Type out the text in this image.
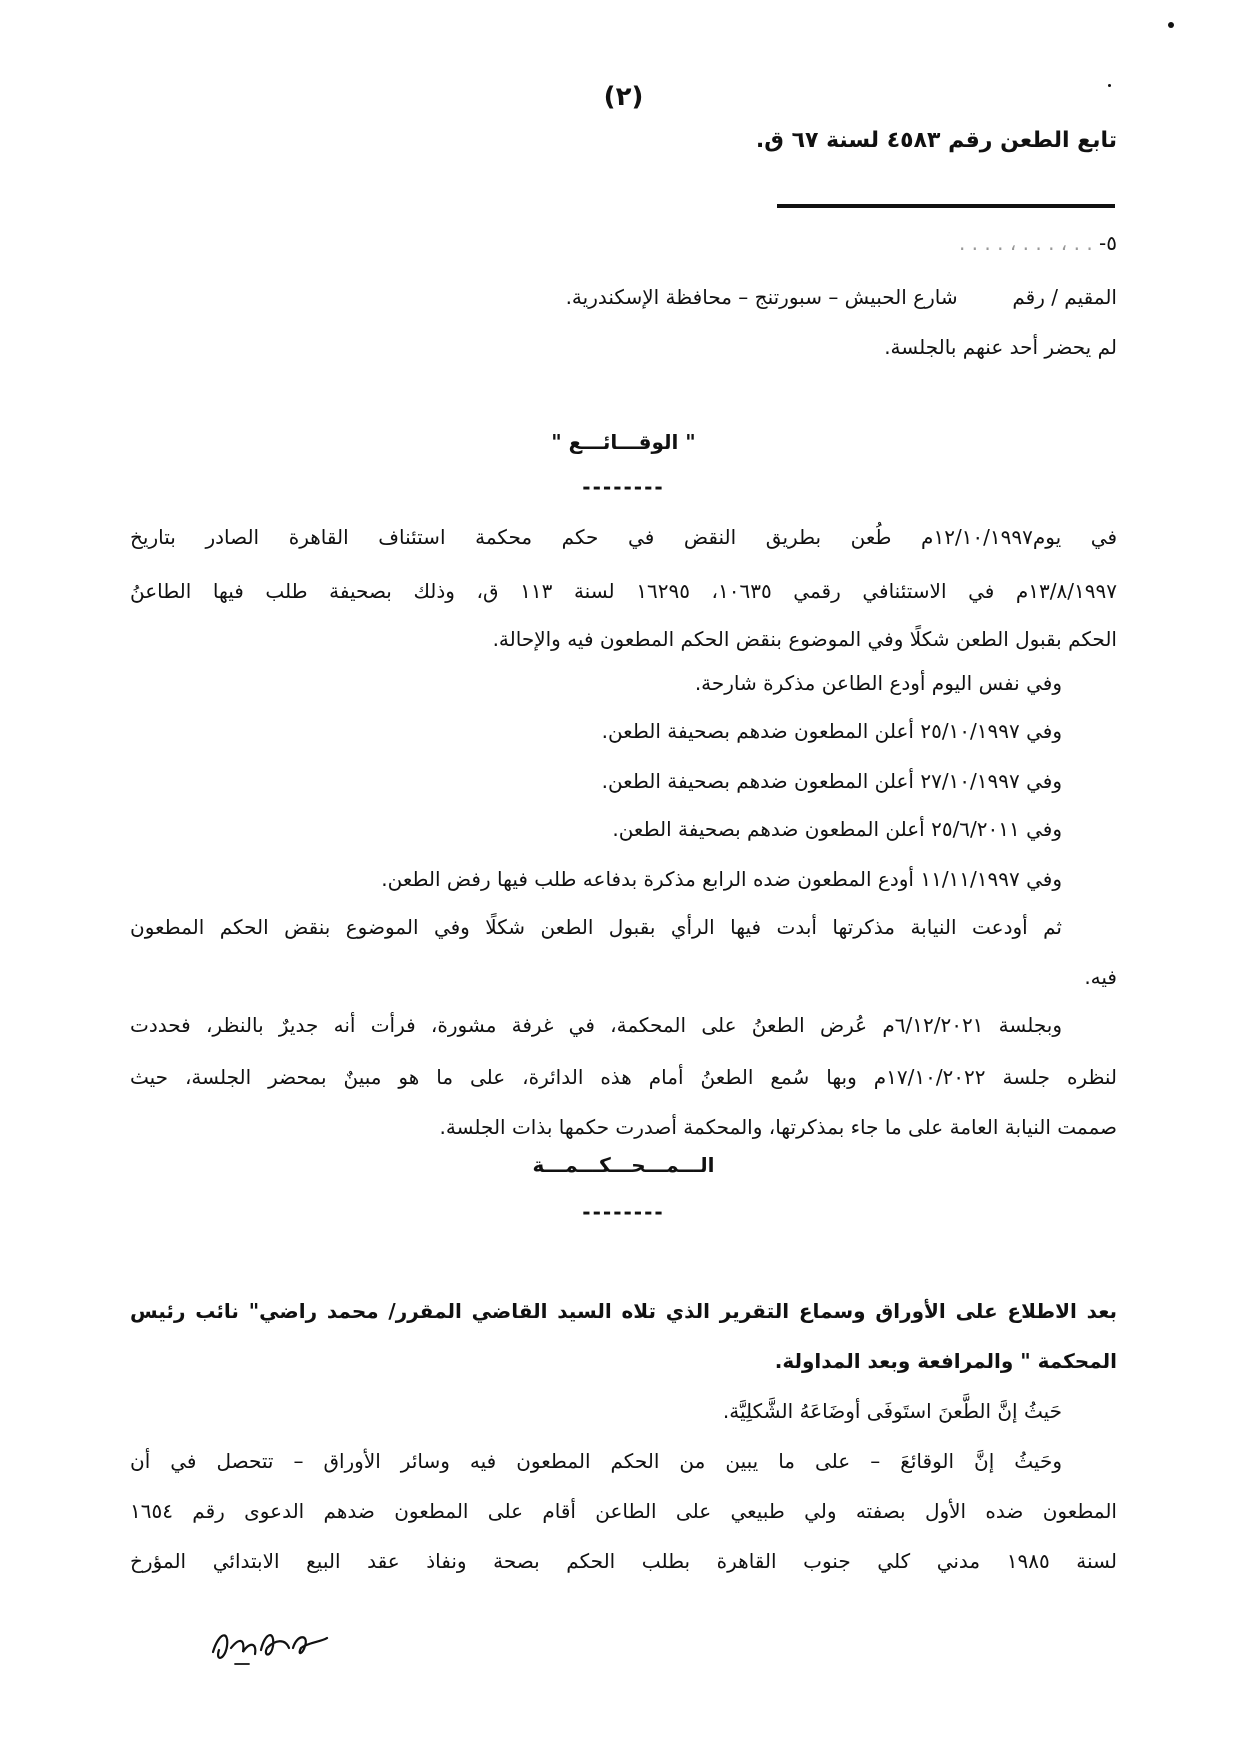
(٢)
تابع الطعن رقم ٤٥٨٣ لسنة ٦٧ ق.
٥- . . ، . . . ، . . . .
المقيم / رقم  شارع الحبيش – سبورتنج – محافظة الإسكندرية.
لم يحضر أحد عنهم بالجلسة.
" الوقـــائـــع "
--------
في يوم١٢/١٠/١٩٩٧م طُعن بطريق النقض في حكم محكمة استئناف القاهرة الصادر بتاريخ
١٣/٨/١٩٩٧م في الاستئنافي رقمي ١٠٦٣٥، ١٦٢٩٥ لسنة ١١٣ ق، وذلك بصحيفة طلب فيها الطاعنُ
الحكم بقبول الطعن شكلًا وفي الموضوع بنقض الحكم المطعون فيه والإحالة.
وفي نفس اليوم أودع الطاعن مذكرة شارحة.
وفي ٢٥/١٠/١٩٩٧ أعلن المطعون ضدهم بصحيفة الطعن.
وفي ٢٧/١٠/١٩٩٧ أعلن المطعون ضدهم بصحيفة الطعن.
وفي ٢٥/٦/٢٠١١ أعلن المطعون ضدهم بصحيفة الطعن.
وفي ١١/١١/١٩٩٧ أودع المطعون ضده الرابع مذكرة بدفاعه طلب فيها رفض الطعن.
ثم أودعت النيابة مذكرتها أبدت فيها الرأي بقبول الطعن شكلًا وفي الموضوع بنقض الحكم المطعون
فيه.
وبجلسة ٦/١٢/٢٠٢١م عُرض الطعنُ على المحكمة، في غرفة مشورة، فرأت أنه جديرٌ بالنظر، فحددت
لنظره جلسة ١٧/١٠/٢٠٢٢م وبها سُمع الطعنُ أمام هذه الدائرة، على ما هو مبينٌ بمحضر الجلسة، حيث
صممت النيابة العامة على ما جاء بمذكرتها، والمحكمة أصدرت حكمها بذات الجلسة.
الـــمـــحـــكـــمـــة
--------
بعد الاطلاع على الأوراق وسماع التقرير الذي تلاه السيد القاضي المقرر/ محمد راضي" نائب رئيس
المحكمة " والمرافعة وبعد المداولة.
حَيثُ إنَّ الطَّعنَ استَوفَى أوضَاعَهُ الشَّكلِيَّة.
وحَيثُ إنَّ الوقائعَ – على ما يبين من الحكم المطعون فيه وسائر الأوراق – تتحصل في أن
المطعون ضده الأول بصفته ولي طبيعي على الطاعن أقام على المطعون ضدهم الدعوى رقم ١٦٥٤
لسنة ١٩٨٥ مدني كلي جنوب القاهرة بطلب الحكم بصحة ونفاذ عقد البيع الابتدائي المؤرخ
